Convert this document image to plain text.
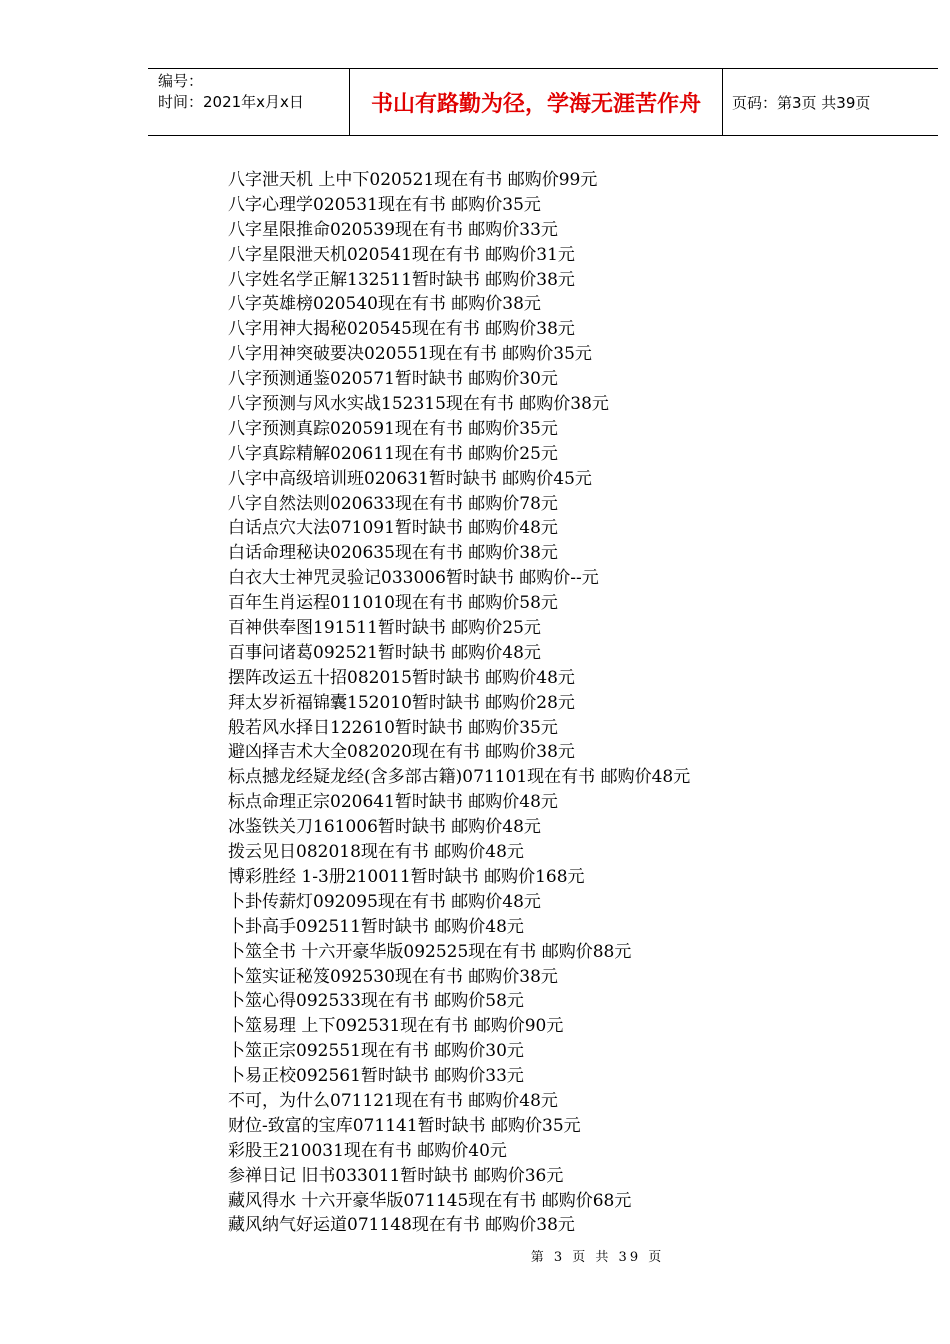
编号：
时间：2021年x月x日	书山有路勤为径，学海无涯苦作舟	页码：第3页 共39页
八字泄天机 上中下020521现在有书 邮购价99元
八字心理学020531现在有书 邮购价35元
八字星限推命020539现在有书 邮购价33元
八字星限泄天机020541现在有书 邮购价31元
八字姓名学正解132511暂时缺书 邮购价38元
八字英雄榜020540现在有书 邮购价38元
八字用神大揭秘020545现在有书 邮购价38元
八字用神突破要决020551现在有书 邮购价35元
八字预测通鉴020571暂时缺书 邮购价30元
八字预测与风水实战152315现在有书 邮购价38元
八字预测真踪020591现在有书 邮购价35元
八字真踪精解020611现在有书 邮购价25元
八字中高级培训班020631暂时缺书 邮购价45元
八字自然法则020633现在有书 邮购价78元
白话点穴大法071091暂时缺书 邮购价48元
白话命理秘诀020635现在有书 邮购价38元
白衣大士神咒灵验记033006暂时缺书 邮购价--元
百年生肖运程011010现在有书 邮购价58元
百神供奉图191511暂时缺书 邮购价25元
百事问诸葛092521暂时缺书 邮购价48元
摆阵改运五十招082015暂时缺书 邮购价48元
拜太岁祈福锦囊152010暂时缺书 邮购价28元
般若风水择日122610暂时缺书 邮购价35元
避凶择吉术大全082020现在有书 邮购价38元
标点撼龙经疑龙经(含多部古籍)071101现在有书 邮购价48元
标点命理正宗020641暂时缺书 邮购价48元
冰鉴铁关刀161006暂时缺书 邮购价48元
拨云见日082018现在有书 邮购价48元
博彩胜经 1-3册210011暂时缺书 邮购价168元
卜卦传薪灯092095现在有书 邮购价48元
卜卦高手092511暂时缺书 邮购价48元
卜筮全书 十六开豪华版092525现在有书 邮购价88元
卜筮实证秘笈092530现在有书 邮购价38元
卜筮心得092533现在有书 邮购价58元
卜筮易理 上下092531现在有书 邮购价90元
卜筮正宗092551现在有书 邮购价30元
卜易正校092561暂时缺书 邮购价33元
不可，为什么071121现在有书 邮购价48元
财位-致富的宝库071141暂时缺书 邮购价35元
彩股王210031现在有书 邮购价40元
参禅日记 旧书033011暂时缺书 邮购价36元
藏风得水 十六开豪华版071145现在有书 邮购价68元
藏风纳气好运道071148现在有书 邮购价38元
第 3 页 共 39 页
